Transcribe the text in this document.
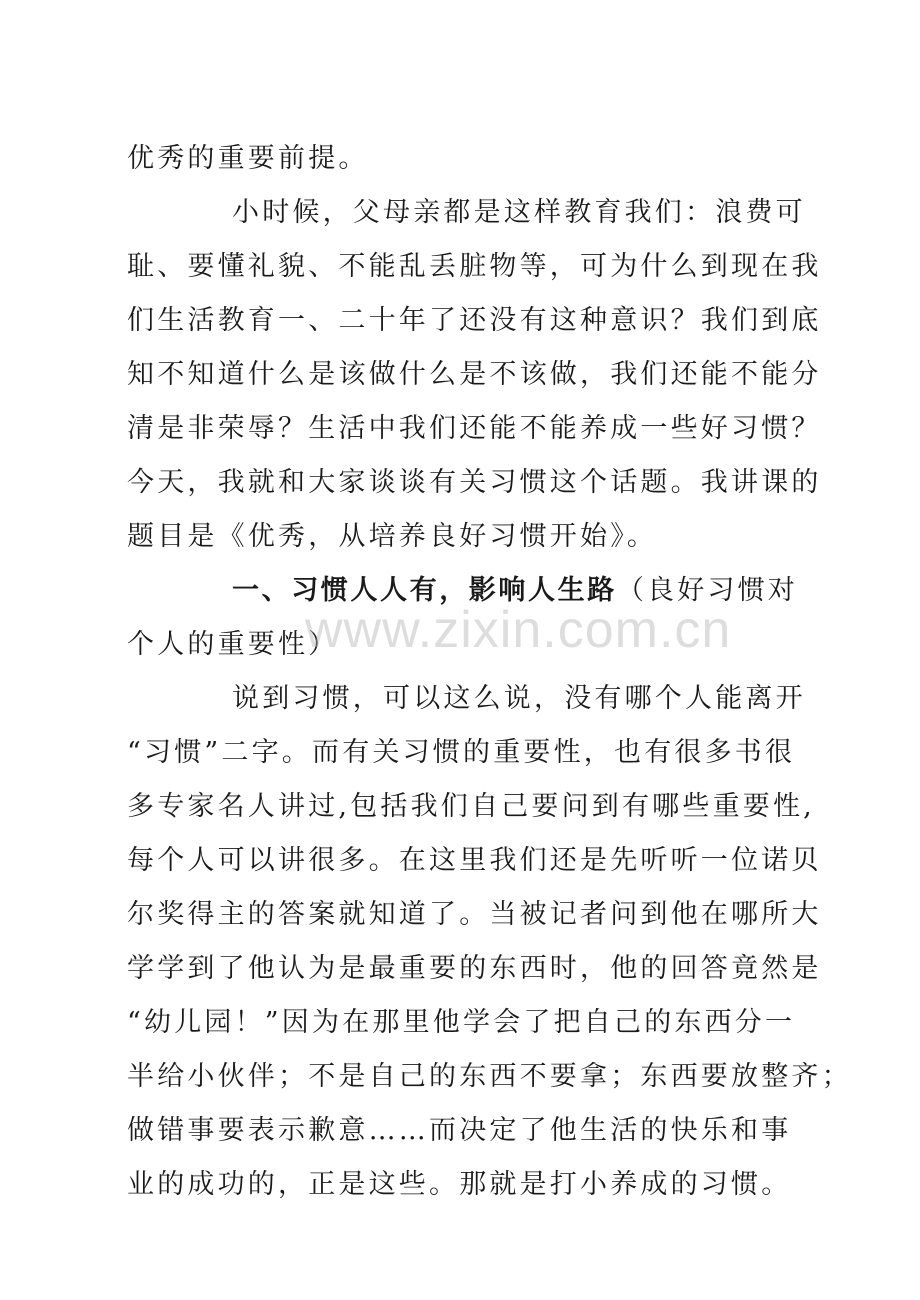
优秀的重要前提。
小时候，父母亲都是这样教育我们：浪费可
耻、要懂礼貌、不能乱丢脏物等，可为什么到现在我
们生活教育一、二十年了还没有这种意识？我们到底
知不知道什么是该做什么是不该做，我们还能不能分
清是非荣辱？生活中我们还能不能养成一些好习惯？
今天，我就和大家谈谈有关习惯这个话题。我讲课的
题目是《优秀，从培养良好习惯开始》。
一、习惯人人有，影响人生路（良好习惯对
个人的重要性）
说到习惯，可以这么说，没有哪个人能离开
“习惯”二字。而有关习惯的重要性，也有很多书很
多专家名人讲过,包括我们自己要问到有哪些重要性,
每个人可以讲很多。在这里我们还是先听听一位诺贝
尔奖得主的答案就知道了。当被记者问到他在哪所大
学学到了他认为是最重要的东西时，他的回答竟然是
“幼儿园！”因为在那里他学会了把自己的东西分一
半给小伙伴；不是自己的东西不要拿；东西要放整齐；
做错事要表示歉意……而决定了他生活的快乐和事
业的成功的，正是这些。那就是打小养成的习惯。
www.zixin.com.cn
